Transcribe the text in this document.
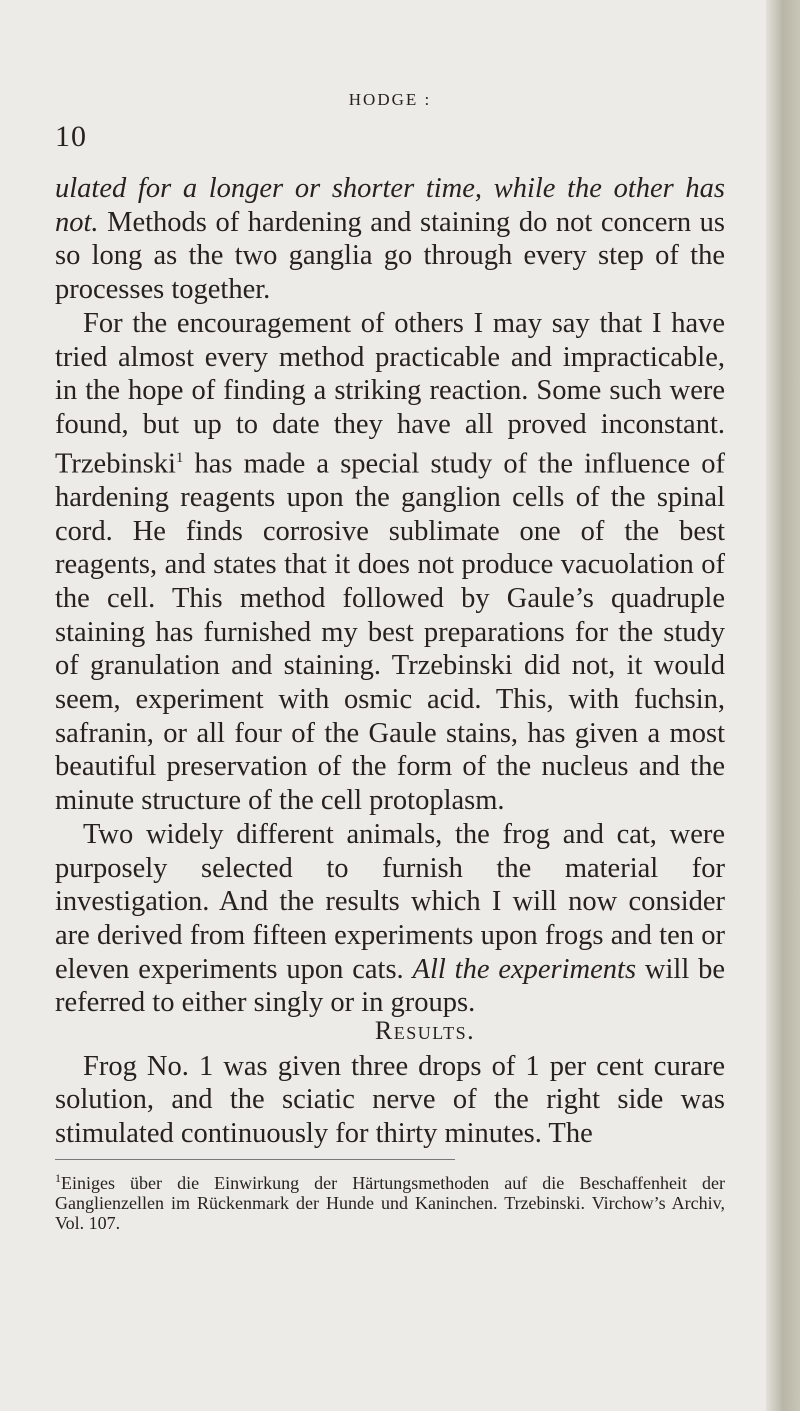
10
HODGE :

ulated for a longer or shorter time, while the other has not. Methods of hardening and staining do not concern us so long as the two ganglia go through every step of the processes together.

For the encouragement of others I may say that I have tried almost every method practicable and impracticable, in the hope of finding a striking reaction. Some such were found, but up to date they have all proved inconstant. Trzebinski$^1$ has made a special study of the influence of hardening reagents upon the ganglion cells of the spinal cord. He finds corrosive sublimate one of the best reagents, and states that it does not produce vacuolation of the cell. This method followed by Gaule’s quadruple staining has furnished my best preparations for the study of granulation and staining. Trzebinski did not, it would seem, experiment with osmic acid. This, with fuchsin, safranin, or all four of the Gaule stains, has given a most beautiful preservation of the form of the nucleus and the minute structure of the cell protoplasm.

Two widely different animals, the frog and cat, were purposely selected to furnish the material for investigation. And the results which I will now consider are derived from fifteen experiments upon frogs and ten or eleven experiments upon cats. All the experiments will be referred to either singly or in groups.

Results.

Frog No. 1 was given three drops of 1 per cent curare solution, and the sciatic nerve of the right side was stimulated continuously for thirty minutes. The

$^1$Einiges über die Einwirkung der Härtungsmethoden auf die Beschaffenheit der Ganglienzellen im Rückenmark der Hunde und Kaninchen. Trzebinski. Virchow’s Archiv, Vol. 107.
